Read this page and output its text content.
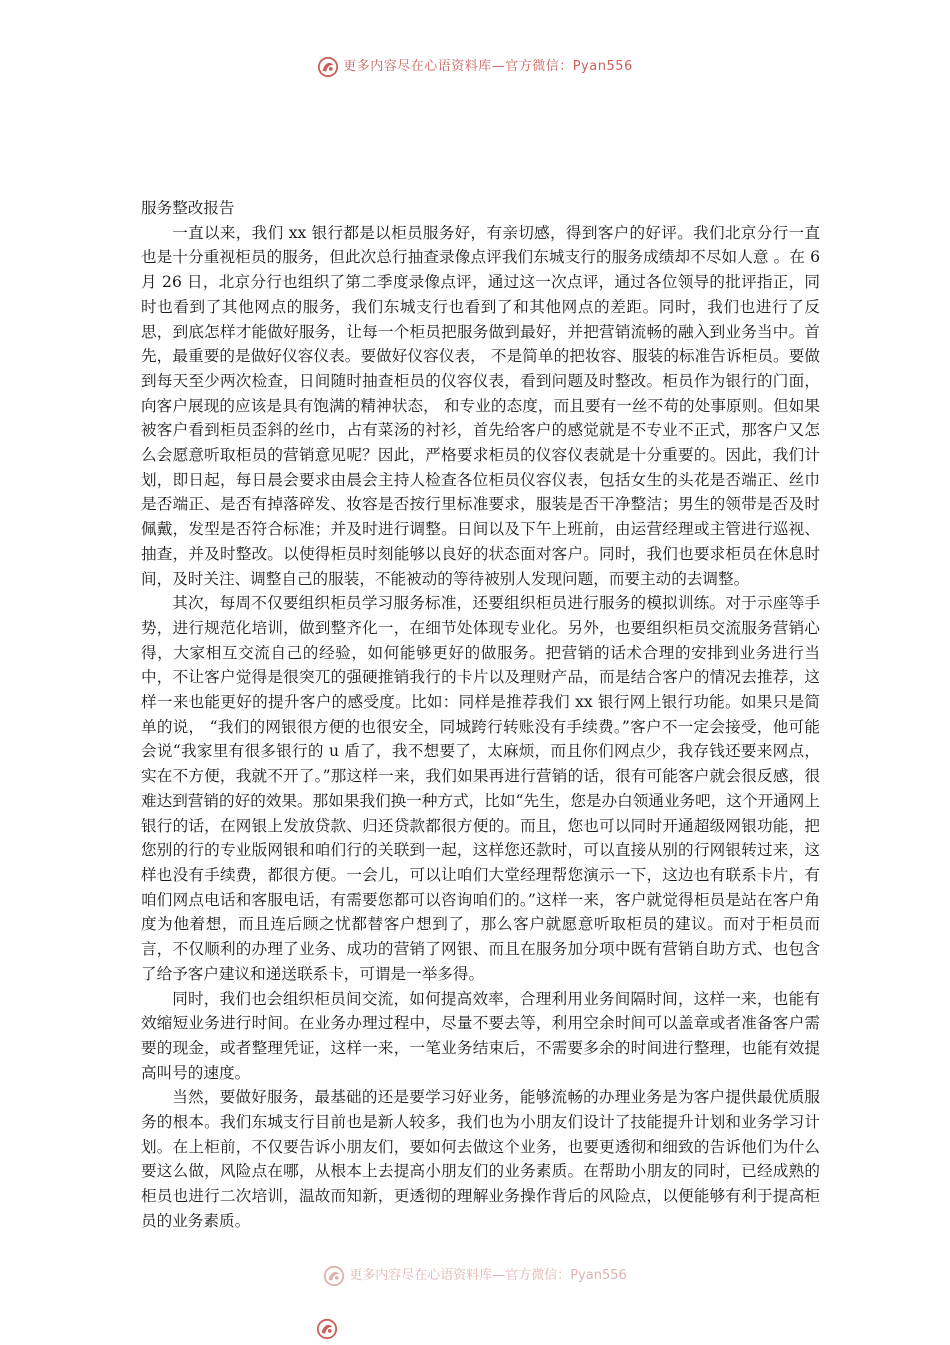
更多内容尽在心语资料库—官方微信：Pyan556
服务整改报告

一直以来，我们 xx 银行都是以柜员服务好，有亲切感，得到客户的好评。我们北京分行一直也是十分重视柜员的服务，但此次总行抽查录像点评我们东城支行的服务成绩却不尽如人意 。在 6 月 26 日，北京分行也组织了第二季度录像点评，通过这一次点评，通过各位领导的批评指正，同时也看到了其他网点的服务，我们东城支行也看到了和其他网点的差距。同时，我们也进行了反思，到底怎样才能做好服务，让每一个柜员把服务做到最好，并把营销流畅的融入到业务当中。首先，最重要的是做好仪容仪表。要做好仪容仪表， 不是简单的把妆容、服装的标准告诉柜员。要做到每天至少两次检查，日间随时抽查柜员的仪容仪表，看到问题及时整改。柜员作为银行的门面，向客户展现的应该是具有饱满的精神状态， 和专业的态度，而且要有一丝不苟的处事原则。但如果被客户看到柜员歪斜的丝巾，占有菜汤的衬衫，首先给客户的感觉就是不专业不正式，那客户又怎么会愿意听取柜员的营销意见呢？因此，严格要求柜员的仪容仪表就是十分重要的。因此，我们计划，即日起，每日晨会要求由晨会主持人检查各位柜员仪容仪表，包括女生的头花是否端正、丝巾是否端正、是否有掉落碎发、妆容是否按行里标准要求，服装是否干净整洁；男生的领带是否及时佩戴，发型是否符合标准；并及时进行调整。日间以及下午上班前，由运营经理或主管进行巡视、抽查，并及时整改。以使得柜员时刻能够以良好的状态面对客户。同时，我们也要求柜员在休息时间，及时关注、调整自己的服装，不能被动的等待被别人发现问题，而要主动的去调整。

其次，每周不仅要组织柜员学习服务标准，还要组织柜员进行服务的模拟训练。对于示座等手势，进行规范化培训，做到整齐化一，在细节处体现专业化。另外，也要组织柜员交流服务营销心得，大家相互交流自己的经验，如何能够更好的做服务。把营销的话术合理的安排到业务进行当中，不让客户觉得是很突兀的强硬推销我行的卡片以及理财产品，而是结合客户的情况去推荐，这样一来也能更好的提升客户的感受度。比如：同样是推荐我们 xx 银行网上银行功能。如果只是简单的说， “我们的网银很方便的也很安全，同城跨行转账没有手续费。”客户不一定会接受，他可能会说“我家里有很多银行的 u 盾了，我不想要了，太麻烦，而且你们网点少，我存钱还要来网点，实在不方便，我就不开了。”那这样一来，我们如果再进行营销的话，很有可能客户就会很反感，很难达到营销的好的效果。那如果我们换一种方式，比如“先生，您是办白领通业务吧，这个开通网上银行的话，在网银上发放贷款、归还贷款都很方便的。而且，您也可以同时开通超级网银功能，把您别的行的专业版网银和咱们行的关联到一起，这样您还款时，可以直接从别的行网银转过来，这样也没有手续费，都很方便。一会儿，可以让咱们大堂经理帮您演示一下，这边也有联系卡片，有咱们网点电话和客服电话，有需要您都可以咨询咱们的。”这样一来，客户就觉得柜员是站在客户角度为他着想，而且连后顾之忧都替客户想到了，那么客户就愿意听取柜员的建议。而对于柜员而言，不仅顺利的办理了业务、成功的营销了网银、而且在服务加分项中既有营销自助方式、也包含了给予客户建议和递送联系卡，可谓是一举多得。

同时，我们也会组织柜员间交流，如何提高效率，合理利用业务间隔时间，这样一来，也能有效缩短业务进行时间。在业务办理过程中，尽量不要去等，利用空余时间可以盖章或者准备客户需要的现金，或者整理凭证，这样一来，一笔业务结束后，不需要多余的时间进行整理，也能有效提高叫号的速度。

当然，要做好服务，最基础的还是要学习好业务，能够流畅的办理业务是为客户提供最优质服务的根本。我们东城支行目前也是新人较多，我们也为小朋友们设计了技能提升计划和业务学习计划。在上柜前，不仅要告诉小朋友们，要如何去做这个业务，也要更透彻和细致的告诉他们为什么要这么做，风险点在哪，从根本上去提高小朋友们的业务素质。在帮助小朋友的同时，已经成熟的柜员也进行二次培训，温故而知新，更透彻的理解业务操作背后的风险点，以便能够有利于提高柜员的业务素质。

更多内容尽在心语资料库—官方微信：Pyan556
